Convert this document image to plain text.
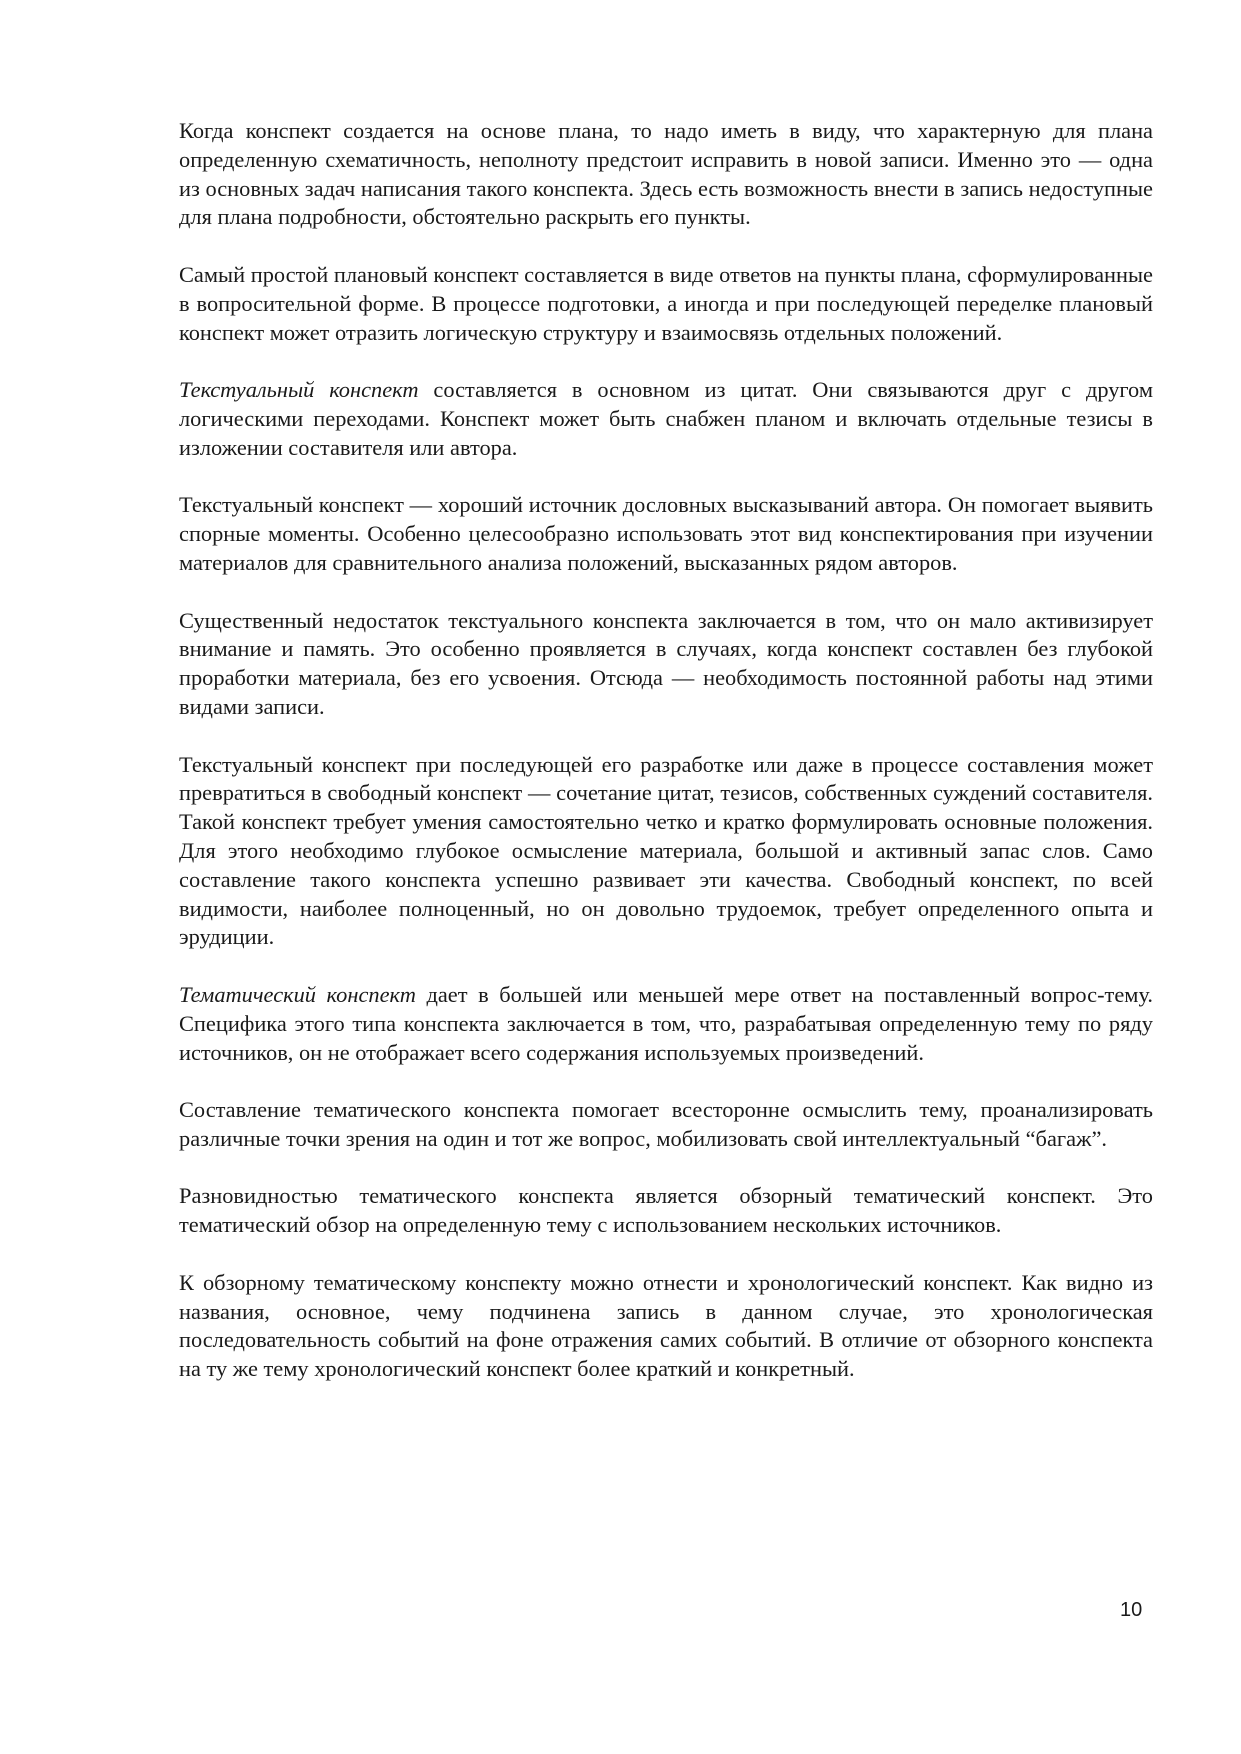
Когда конспект создается на основе плана, то надо иметь в виду, что характерную для плана определенную схематичность, неполноту предстоит исправить в новой записи. Именно это — одна из основных задач написания такого конспекта. Здесь есть возможность внести в запись недоступные для плана подробности, обстоятельно раскрыть его пункты.

Самый простой плановый конспект составляется в виде ответов на пункты плана, сформулированные в вопросительной форме. В процессе подготовки, а иногда и при последующей переделке плановый конспект может отразить логическую структуру и взаимосвязь отдельных положений.

Текстуальный конспект составляется в основном из цитат. Они связываются друг с другом логическими переходами. Конспект может быть снабжен планом и включать отдельные тезисы в изложении составителя или автора.

Текстуальный конспект — хороший источник дословных высказываний автора. Он помогает выявить спорные моменты. Особенно целесообразно использовать этот вид конспектирования при изучении материалов для сравнительного анализа положений, высказанных рядом авторов.

Существенный недостаток текстуального конспекта заключается в том, что он мало активизирует внимание и память. Это особенно проявляется в случаях, когда конспект составлен без глубокой проработки материала, без его усвоения. Отсюда — необходимость постоянной работы над этими видами записи.

Текстуальный конспект при последующей его разработке или даже в процессе составления может превратиться в свободный конспект — сочетание цитат, тезисов, собственных суждений составителя. Такой конспект требует умения самостоятельно четко и кратко формулировать основные положения. Для этого необходимо глубокое осмысление материала, большой и активный запас слов. Само составление такого конспекта успешно развивает эти качества. Свободный конспект, по всей видимости, наиболее полноценный, но он довольно трудоемок, требует определенного опыта и эрудиции.

Тематический конспект дает в большей или меньшей мере ответ на поставленный вопрос-тему. Специфика этого типа конспекта заключается в том, что, разрабатывая определенную тему по ряду источников, он не отображает всего содержания используемых произведений.

Составление тематического конспекта помогает всесторонне осмыслить тему, проанализировать различные точки зрения на один и тот же вопрос, мобилизовать свой интеллектуальный “багаж”.

Разновидностью тематического конспекта является обзорный тематический конспект. Это тематический обзор на определенную тему с использованием нескольких источников.

К обзорному тематическому конспекту можно отнести и хронологический конспект. Как видно из названия, основное, чему подчинена запись в данном случае, это хронологическая последовательность событий на фоне отражения самих событий. В отличие от обзорного конспекта на ту же тему хронологический конспект более краткий и конкретный.

10
